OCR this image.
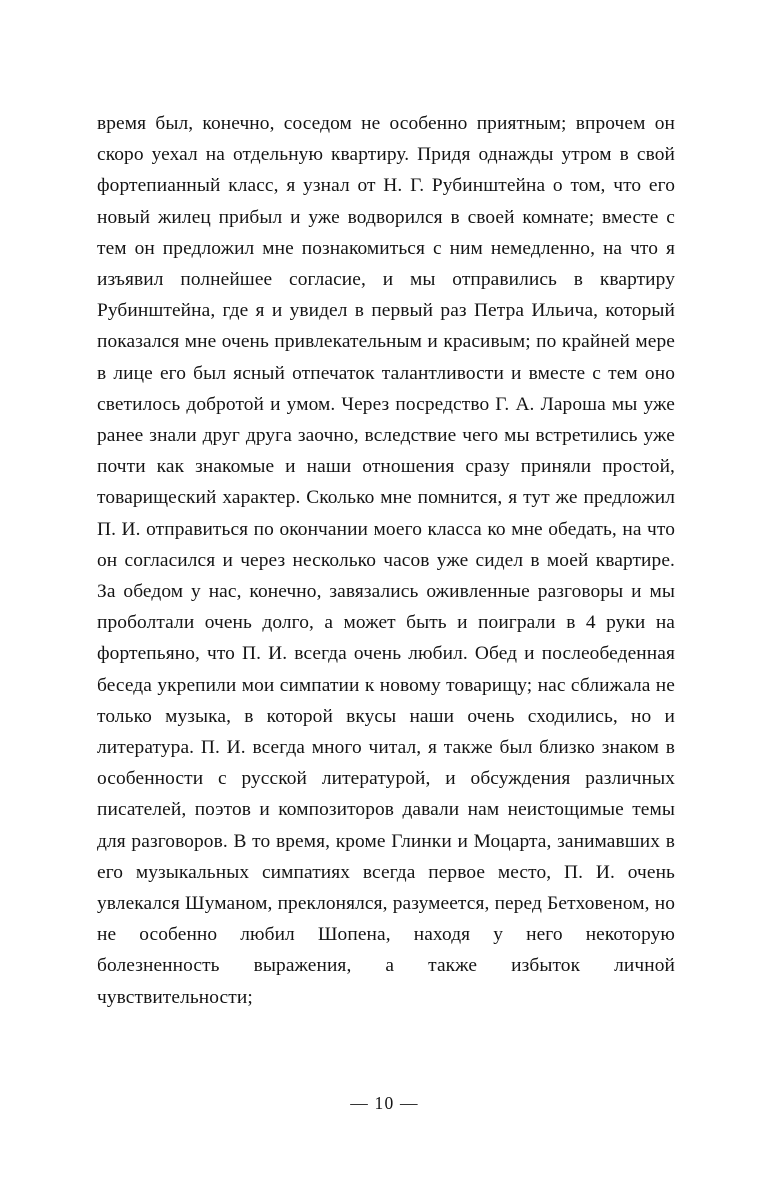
время был, конечно, соседом не особенно приятным; впрочем он скоро уехал на отдельную квартиру. Придя однажды утром в свой фортепианный класс, я узнал от Н. Г. Рубинштейна о том, что его новый жилец прибыл и уже водворился в своей комнате; вместе с тем он предложил мне познакомиться с ним немедленно, на что я изъявил полнейшее согласие, и мы отправились в квартиру Рубинштейна, где я и увидел в первый раз Петра Ильича, который показался мне очень привлекательным и красивым; по крайней мере в лице его был ясный отпечаток талантливости и вместе с тем оно светилось добротой и умом. Через посредство Г. А. Лароша мы уже ранее знали друг друга заочно, вследствие чего мы встретились уже почти как знакомые и наши отношения сразу приняли простой, товарищеский характер. Сколько мне помнится, я тут же предложил П. И. отправиться по окончании моего класса ко мне обедать, на что он согласился и через несколько часов уже сидел в моей квартире. За обедом у нас, конечно, завязались оживленные разговоры и мы проболтали очень долго, а может быть и поиграли в 4 руки на фортепьяно, что П. И. всегда очень любил. Обед и послеобеденная беседа укрепили мои симпатии к новому товарищу; нас сближала не только музыка, в которой вкусы наши очень сходились, но и литература. П. И. всегда много читал, я также был близко знаком в особенности с русской литературой, и обсуждения различных писателей, поэтов и композиторов давали нам неистощимые темы для разговоров. В то время, кроме Глинки и Моцарта, занимавших в его музыкальных симпатиях всегда первое место, П. И. очень увлекался Шуманом, преклонялся, разумеется, перед Бетховеном, но не особенно любил Шопена, находя у него некоторую болезненность выражения, а также избыток личной чувствительности;

— 10 —
